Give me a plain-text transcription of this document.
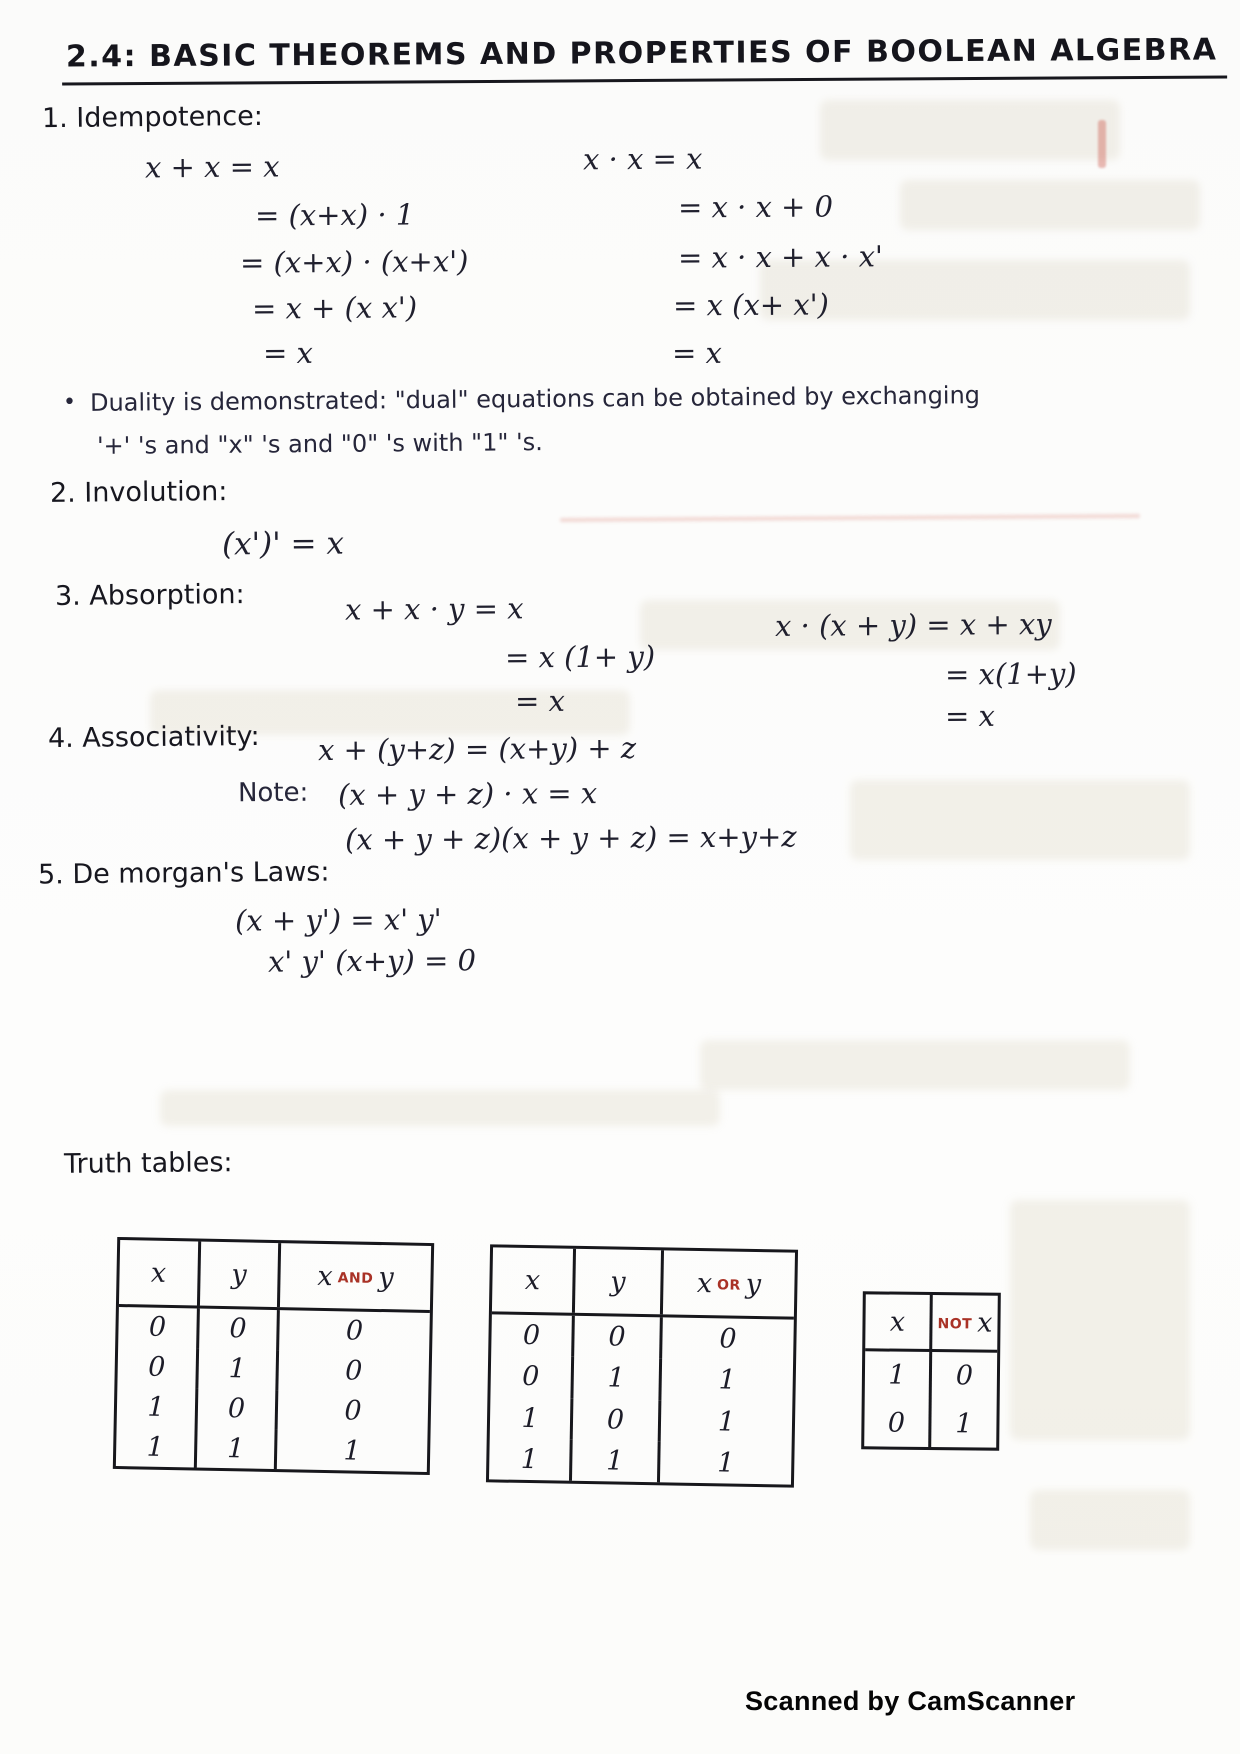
2.4: BASIC THEOREMS AND PROPERTIES OF BOOLEAN ALGEBRA
1. Idempotence:
x + x = x
= (x+x) · 1
= (x+x) · (x+x')
= x + (x x')
= x
x · x = x
= x · x + 0
= x · x + x · x'
= x (x+ x')
= x
• Duality is demonstrated: "dual" equations can be obtained by exchanging
'+' 's and "x" 's and "0" 's with "1" 's.
2. Involution:
(x')' = x
3. Absorption:	x + x · y = x
= x (1+ y)
= x
x · (x + y) = x + xy
= x(1+y)
= x
4. Associativity: x + (y+z) = (x+y) + z
Note: (x + y + z) · x = x
(x + y + z)(x + y + z) = x+y+z
5. De morgan's Laws:
(x + y') = x' y'
x' y' (x+y) = 0
Truth tables:
x y	x AND y
0	0	0
0	1	0
1	0	0
1	1	1
x	y	x OR y
0	0	0
0	1	1
1	0	1
1	1	1
x NOT x
1	0
0	1
Scanned by CamScanner
